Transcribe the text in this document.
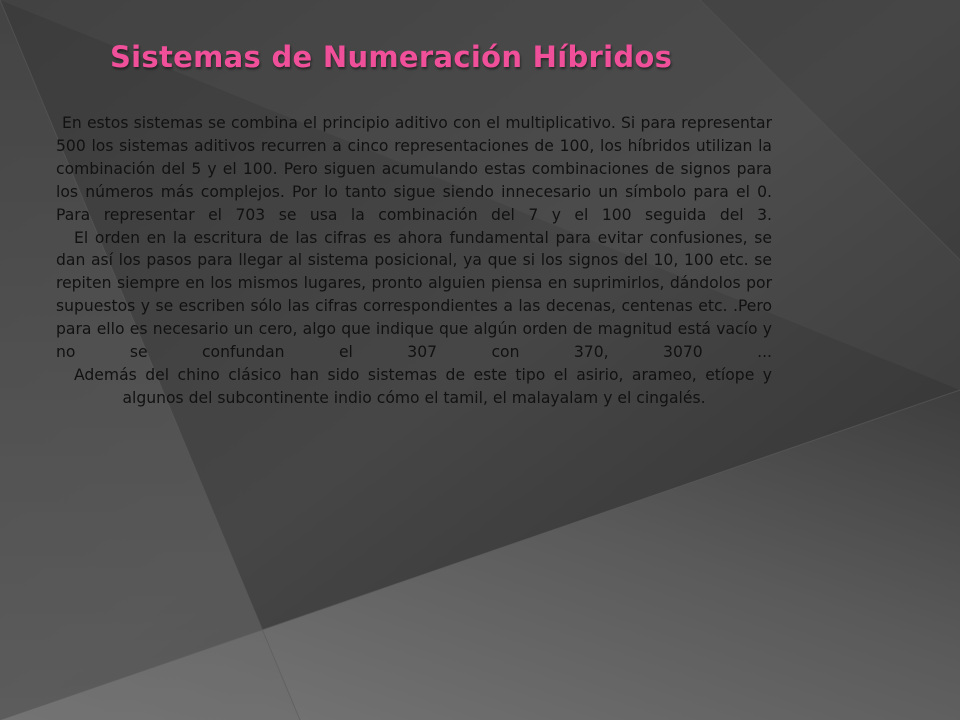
Sistemas de Numeración Híbridos

En estos sistemas se combina el principio aditivo con el multiplicativo. Si para representar 500 los sistemas aditivos recurren a cinco representaciones de 100, los híbridos utilizan la combinación del 5 y el 100. Pero siguen acumulando estas combinaciones de signos para los números más complejos. Por lo tanto sigue siendo innecesario un símbolo para el 0. Para representar el 703 se usa la combinación del 7 y el 100 seguida del 3.

El orden en la escritura de las cifras es ahora fundamental para evitar confusiones, se dan así los pasos para llegar al sistema posicional, ya que si los signos del 10, 100 etc. se repiten siempre en los mismos lugares, pronto alguien piensa en suprimirlos, dándolos por supuestos y se escriben sólo las cifras correspondientes a las decenas, centenas etc. .Pero para ello es necesario un cero, algo que indique que algún orden de magnitud está vacío y no se confundan el 307 con 370, 3070 ...

Además del chino clásico han sido sistemas de este tipo el asirio, arameo, etíope y algunos del subcontinente indio cómo el tamil, el malayalam y el cingalés.
